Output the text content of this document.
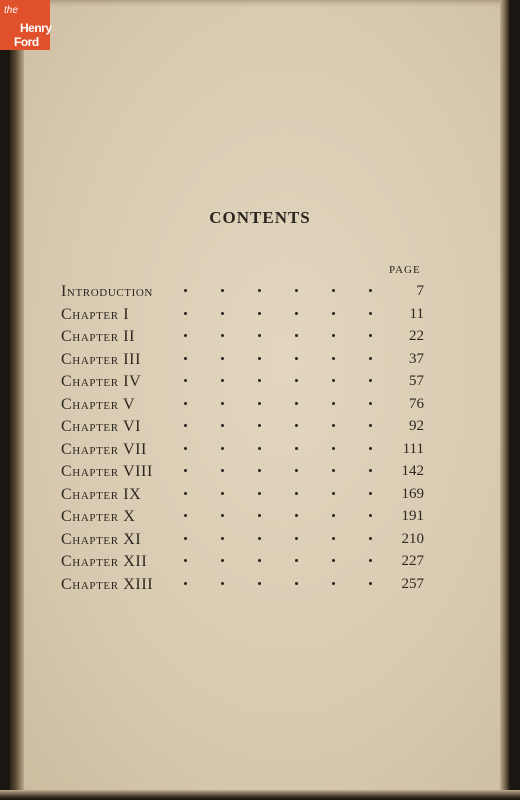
the
Henry
Ford
CONTENTS
PAGE
Introduction	7
Chapter I	11
Chapter II	22
Chapter III	37
Chapter IV	57
Chapter V	76
Chapter VI	92
Chapter VII	111
Chapter VIII	142
Chapter IX	169
Chapter X	191
Chapter XI	210
Chapter XII	227
Chapter XIII	257
